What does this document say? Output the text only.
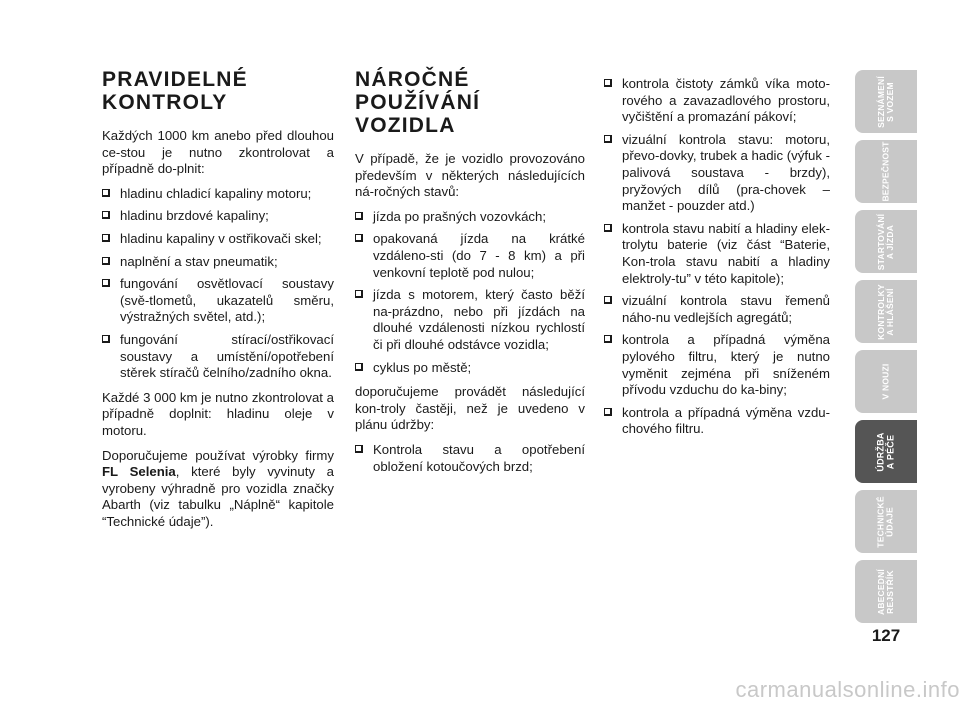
PRAVIDELNÉ
KONTROLY

Každých 1000 km anebo před dlouhou ce-stou je nutno zkontrolovat a případně do-plnit:

hladinu chladicí kapaliny motoru;
hladinu brzdové kapaliny;
hladinu kapaliny v ostřikovači skel;
naplnění a stav pneumatik;
fungování osvětlovací soustavy (svě-tlometů, ukazatelů směru, výstražných světel, atd.);
fungování stírací/ostřikovací soustavy a umístění/opotřebení stěrek stíračů čelního/zadního okna.

Každé 3 000 km je nutno zkontrolovat a případně doplnit: hladinu oleje v motoru.

Doporučujeme používat výrobky firmy FL Selenia, které byly vyvinuty a vyrobeny výhradně pro vozidla značky Abarth (viz tabulku „Náplně“ kapitole “Technické údaje”).

NÁROČNÉ POUŽÍVÁNÍ
VOZIDLA

V případě, že je vozidlo provozováno především v některých následujících ná-ročných stavů:

jízda po prašných vozovkách;
opakovaná jízda na krátké vzdáleno-sti (do 7 - 8 km) a při venkovní teplotě pod nulou;
jízda s motorem, který často běží na-prázdno, nebo při jízdách na dlouhé vzdálenosti nízkou rychlostí či při dlouhé odstávce vozidla;
cyklus po městě;

doporučujeme provádět následující kon-troly častěji, než je uvedeno v plánu údržby:

Kontrola stavu a opotřebení obložení kotoučových brzd;
kontrola čistoty zámků víka moto-rového a zavazadlového prostoru, vyčištění a promazání pákoví;
vizuální kontrola stavu: motoru, převo-dovky, trubek a hadic (výfuk - palivová soustava - brzdy), pryžových dílů (pra-chovek – manžet - pouzder atd.)
kontrola stavu nabití a hladiny elek-trolytu baterie (viz část “Baterie, Kon-trola stavu nabití a hladiny elektroly-tu” v této kapitole);
vizuální kontrola stavu řemenů náho-nu vedlejších agregátů;
kontrola a případná výměna pylového filtru, který je nutno vyměnit zejména při sníženém přívodu vzduchu do ka-biny;
kontrola a případná výměna vzdu-chového filtru.
SEZNÁMENÍ
S VOZEM
BEZPEČNOST
STARTOVÁNÍ
A JÍZDA
KONTROLKY
A HLÁŠENÍ
V NOUZI
ÚDRŽBA
A PÉČE
TECHNICKÉ
ÚDAJE
ABECEDNÍ
REJSTŘÍK
127
carmanualsonline.info
